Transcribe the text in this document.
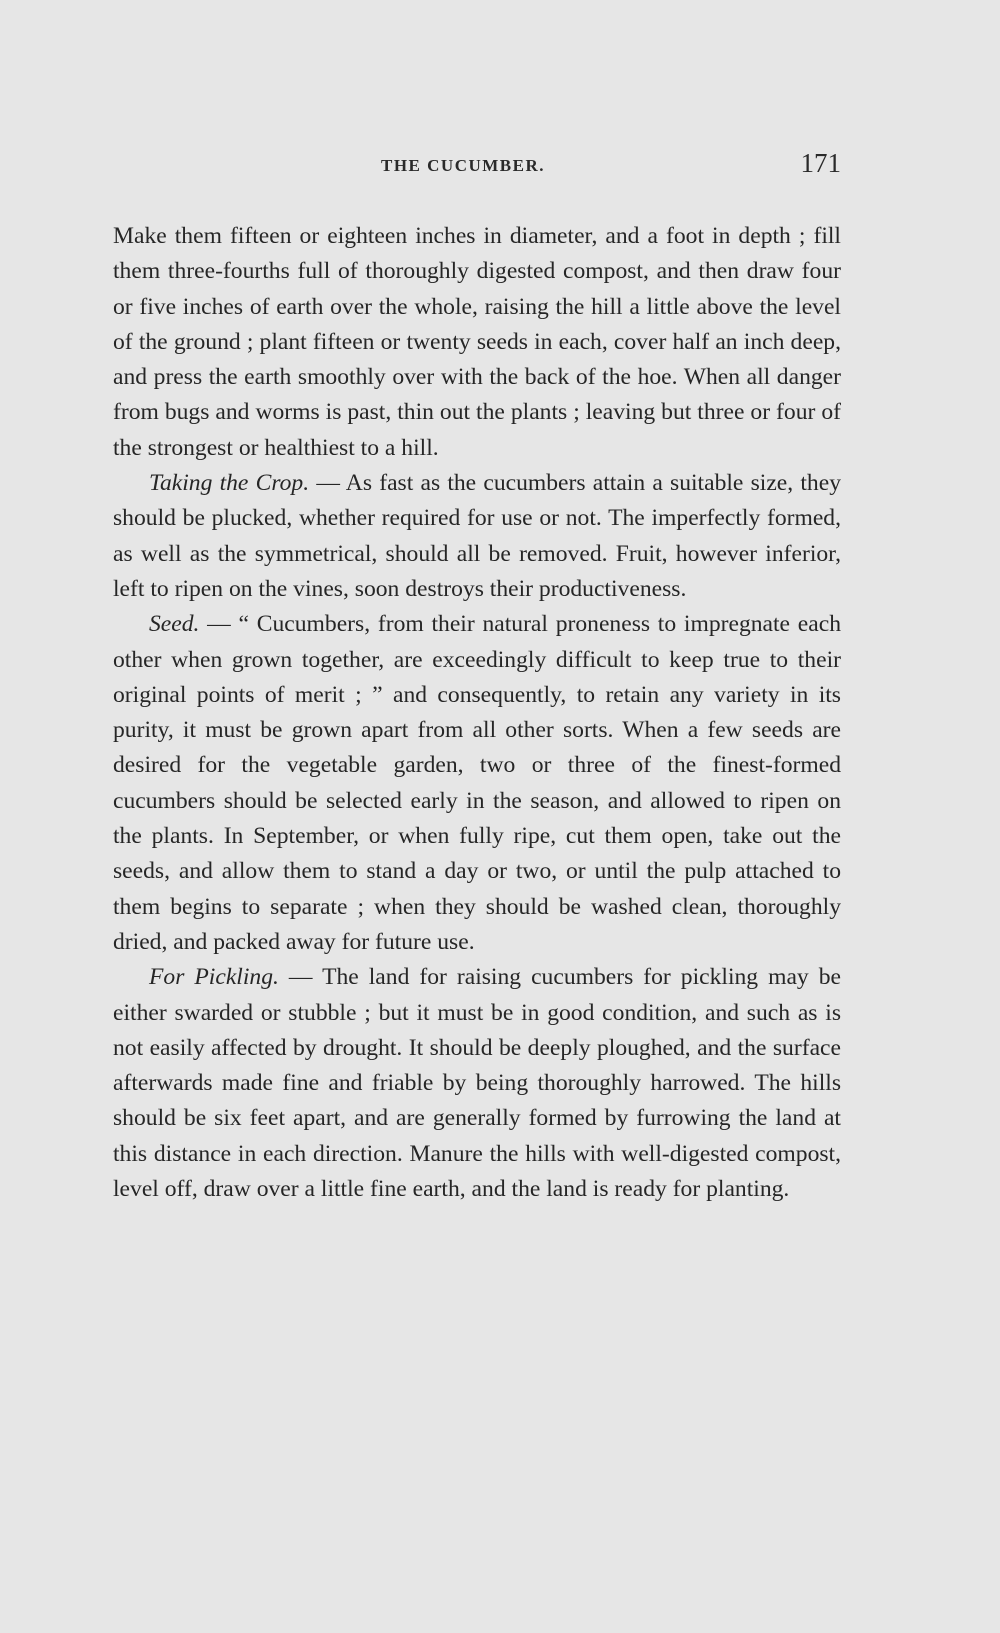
THE CUCUMBER.	171

Make them fifteen or eighteen inches in diameter, and a foot in depth ; fill them three-fourths full of thoroughly digested compost, and then draw four or five inches of earth over the whole, raising the hill a little above the level of the ground ; plant fifteen or twenty seeds in each, cover half an inch deep, and press the earth smoothly over with the back of the hoe. When all danger from bugs and worms is past, thin out the plants ; leaving but three or four of the strongest or healthiest to a hill.

Taking the Crop. — As fast as the cucumbers attain a suitable size, they should be plucked, whether required for use or not. The imperfectly formed, as well as the symmetrical, should all be removed. Fruit, however inferior, left to ripen on the vines, soon destroys their productiveness.

Seed. — “ Cucumbers, from their natural proneness to impregnate each other when grown together, are exceedingly difficult to keep true to their original points of merit ; ” and consequently, to retain any variety in its purity, it must be grown apart from all other sorts. When a few seeds are desired for the vegetable garden, two or three of the finest-formed cucumbers should be selected early in the season, and allowed to ripen on the plants. In September, or when fully ripe, cut them open, take out the seeds, and allow them to stand a day or two, or until the pulp attached to them begins to separate ; when they should be washed clean, thoroughly dried, and packed away for future use.

For Pickling. — The land for raising cucumbers for pickling may be either swarded or stubble ; but it must be in good condition, and such as is not easily affected by drought. It should be deeply ploughed, and the surface afterwards made fine and friable by being thoroughly harrowed. The hills should be six feet apart, and are generally formed by furrowing the land at this distance in each direction. Manure the hills with well-digested compost, level off, draw over a little fine earth, and the land is ready for planting.
